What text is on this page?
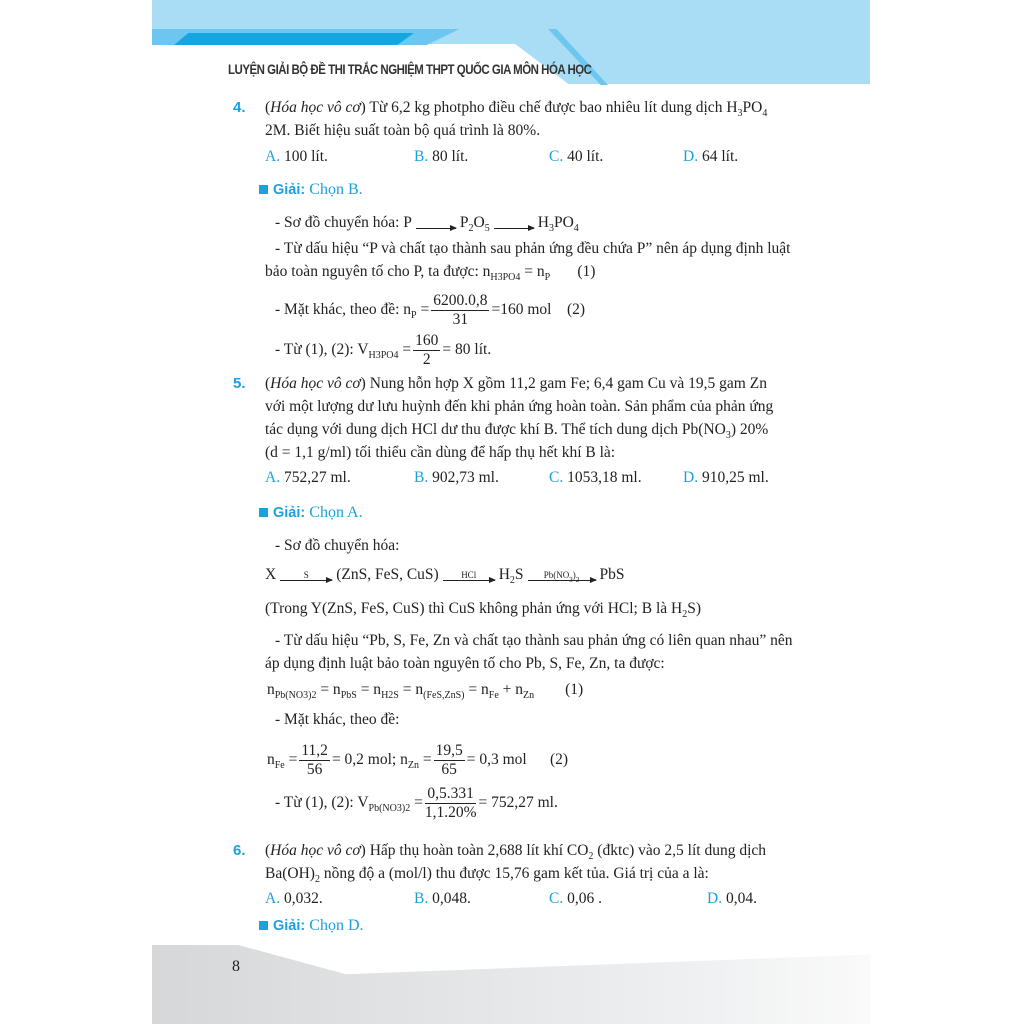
LUYỆN GIẢI BỘ ĐỀ THI TRẮC NGHIỆM THPT QUỐC GIA MÔN HÓA HỌC
4. (Hóa học vô cơ) Từ 6,2 kg photpho điều chế được bao nhiêu lít dung dịch $H_3PO_4$
2M. Biết hiệu suất toàn bộ quá trình là 80%.
A. 100 lít.	B. 80 lít.	C. 40 lít.	D. 64 lít.
Giải: Chọn B.
- Sơ đồ chuyển hóa: P	$P_2O_5$	$H_3PO_4$
- Từ dấu hiệu “P và chất tạo thành sau phản ứng đều chứa P” nên áp dụng định luật
bảo toàn nguyên tố cho P, ta được: $n_{H3PO4} = n_P$ (1)
- Mặt khác, theo đề: $n_P = \frac{6200.0,8}{31} =160$ mol (2)
- Từ (1), (2): $V_{H3PO4} = \frac{160}{2} = 80$ lít.
5. (Hóa học vô cơ) Nung hỗn hợp X gồm 11,2 gam Fe; 6,4 gam Cu và 19,5 gam Zn
với một lượng dư lưu huỳnh đến khi phản ứng hoàn toàn. Sản phẩm của phản ứng
tác dụng với dung dịch HCl dư thu được khí B. Thể tích dung dịch $Pb(NO_3)$ 20%
(d = 1,1 g/ml) tối thiểu cần dùng để hấp thụ hết khí B là:
A. 752,27 ml.	B. 902,73 ml.	C. 1053,18 ml.	D. 910,25 ml.
Giải: Chọn A.
- Sơ đồ chuyển hóa:
X	S (ZnS, FeS, CuS) HCl $H_2S$ Pb(NO ) PbS
(Trong Y(ZnS, FeS, CuS) thì CuS không phản ứng với HCl; B là $H_2S$)
- Từ dấu hiệu “Pb, S, Fe, Zn và chất tạo thành sau phản ứng có liên quan nhau” nên
áp dụng định luật bảo toàn nguyên tố cho Pb, S, Fe, Zn, ta được:
$n_{Pb(NO3)2} = n_{PbS} = n_{H2S} = n_{(FeS,ZnS)} = n_{Fe} + n_{Zn}$ (1)
- Mặt khác, theo đề:
$n_{Fe} = \frac{11,2}{56} = 0,2$ mol; $n_{Zn} = \frac{19,5}{65} = 0,3$ mol (2)
- Từ (1), (2): $V_{Pb(NO3)2} = \frac{0,5.331}{1,1.20\%} = 752,27$ ml.
6. (Hóa học vô cơ) Hấp thụ hoàn toàn 2,688 lít khí $CO_2$ (đktc) vào 2,5 lít dung dịch
$Ba(OH)_2$ nồng độ a (mol/l) thu được 15,76 gam kết tủa. Giá trị của a là:
A. 0,032.	B. 0,048.	C. 0,06 .	D. 0,04.
Giải: Chọn D.
8
